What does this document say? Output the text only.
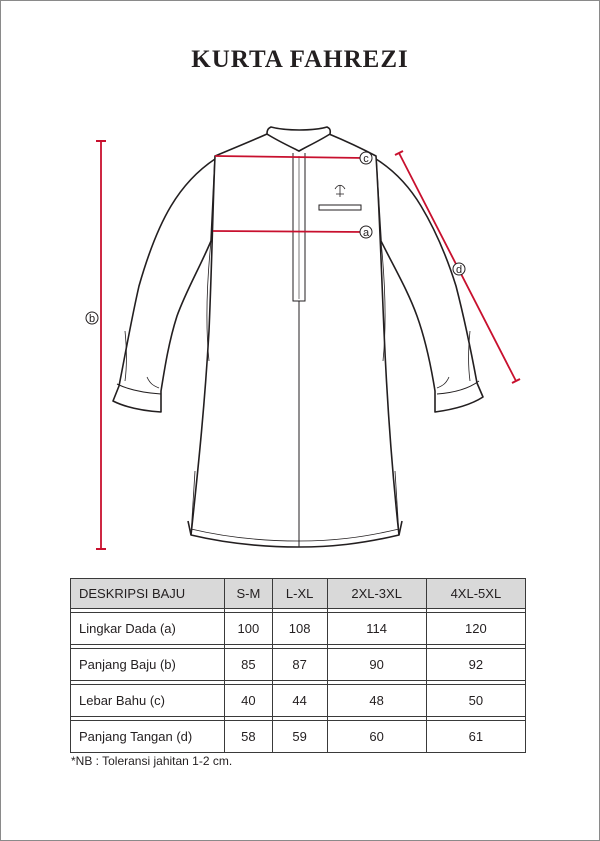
KURTA FAHREZI
c
a
b
d
DESKRIPSI BAJU	S-M	L-XL	2XL-3XL	4XL-5XL

Lingkar Dada (a)	100	108	114	120

Panjang Baju (b)	85	87	90	92

Lebar Bahu (c)	40	44	48	50

Panjang Tangan (d)	58	59	60	61
*NB : Toleransi jahitan 1-2 cm.
